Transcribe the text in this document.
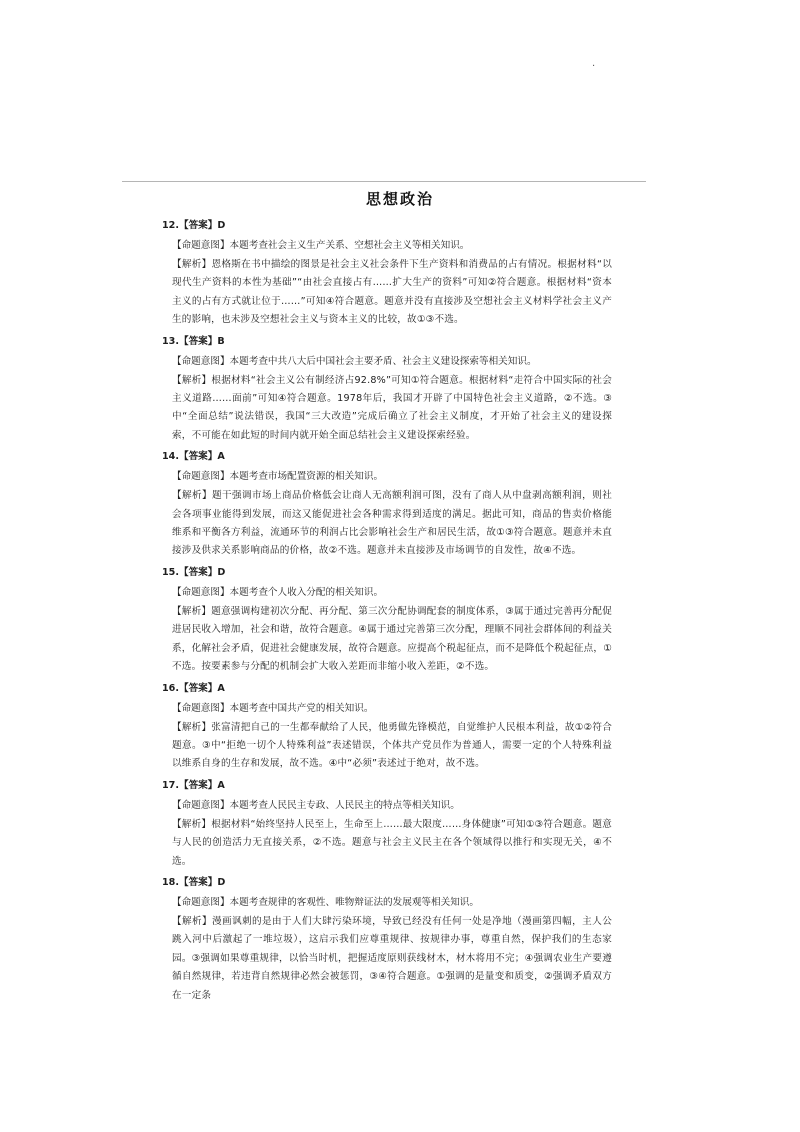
.
思想政治
12.【答案】D

【命题意图】本题考查社会主义生产关系、空想社会主义等相关知识。

【解析】恩格斯在书中描绘的图景是社会主义社会条件下生产资料和消费品的占有情况。根据材料“以现代生产资料的本性为基础”“由社会直接占有……扩大生产的资料”可知②符合题意。根据材料“资本主义的占有方式就让位于……”可知④符合题意。题意并没有直接涉及空想社会主义材料学社会主义产生的影响，也未涉及空想社会主义与资本主义的比较，故①③不选。

13.【答案】B

【命题意图】本题考查中共八大后中国社会主要矛盾、社会主义建设探索等相关知识。

【解析】根据材料“社会主义公有制经济占92.8%”可知①符合题意。根据材料“走符合中国实际的社会主义道路……面前”可知④符合题意。1978年后，我国才开辟了中国特色社会主义道路，②不选。③中“全面总结”说法错误，我国“三大改造”完成后确立了社会主义制度，才开始了社会主义的建设探索，不可能在如此短的时间内就开始全面总结社会主义建设探索经验。

14.【答案】A

【命题意图】本题考查市场配置资源的相关知识。

【解析】题干强调市场上商品价格低会让商人无高额利润可图，没有了商人从中盘剥高额利润，则社会各项事业能得到发展，而这又能促进社会各种需求得到适度的满足。据此可知，商品的售卖价格能维系和平衡各方利益，流通环节的利润占比会影响社会生产和居民生活，故①③符合题意。题意并未直接涉及供求关系影响商品的价格，故②不选。题意并未直接涉及市场调节的自发性，故④不选。

15.【答案】D

【命题意图】本题考查个人收入分配的相关知识。

【解析】题意强调构建初次分配、再分配、第三次分配协调配套的制度体系，③属于通过完善再分配促进居民收入增加，社会和谐，故符合题意。④属于通过完善第三次分配，理顺不同社会群体间的利益关系，化解社会矛盾，促进社会健康发展，故符合题意。应提高个税起征点，而不是降低个税起征点，①不选。按要素参与分配的机制会扩大收入差距而非缩小收入差距，②不选。

16.【答案】A

【命题意图】本题考查中国共产党的相关知识。

【解析】张富清把自己的一生都奉献给了人民，他勇做先锋模范，自觉维护人民根本利益，故①②符合题意。③中“拒绝一切个人特殊利益”表述错误，个体共产党员作为普通人，需要一定的个人特殊利益以维系自身的生存和发展，故不选。④中“必须”表述过于绝对，故不选。

17.【答案】A

【命题意图】本题考查人民民主专政、人民民主的特点等相关知识。

【解析】根据材料“始终坚持人民至上，生命至上……最大限度……身体健康”可知①③符合题意。题意与人民的创造活力无直接关系，②不选。题意与社会主义民主在各个领域得以推行和实现无关，④不选。

18.【答案】D

【命题意图】本题考查规律的客观性、唯物辩证法的发展观等相关知识。

【解析】漫画讽刺的是由于人们大肆污染环境，导致已经没有任何一处是净地（漫画第四幅，主人公跳入河中后激起了一堆垃圾），这启示我们应尊重规律、按规律办事，尊重自然，保护我们的生态家园。③强调如果尊重规律，以恰当时机，把握适度原则获线材木，材木将用不完；④强调农业生产要遵循自然规律，若违背自然规律必然会被惩罚，③④符合题意。①强调的是量变和质变，②强调矛盾双方在一定条
